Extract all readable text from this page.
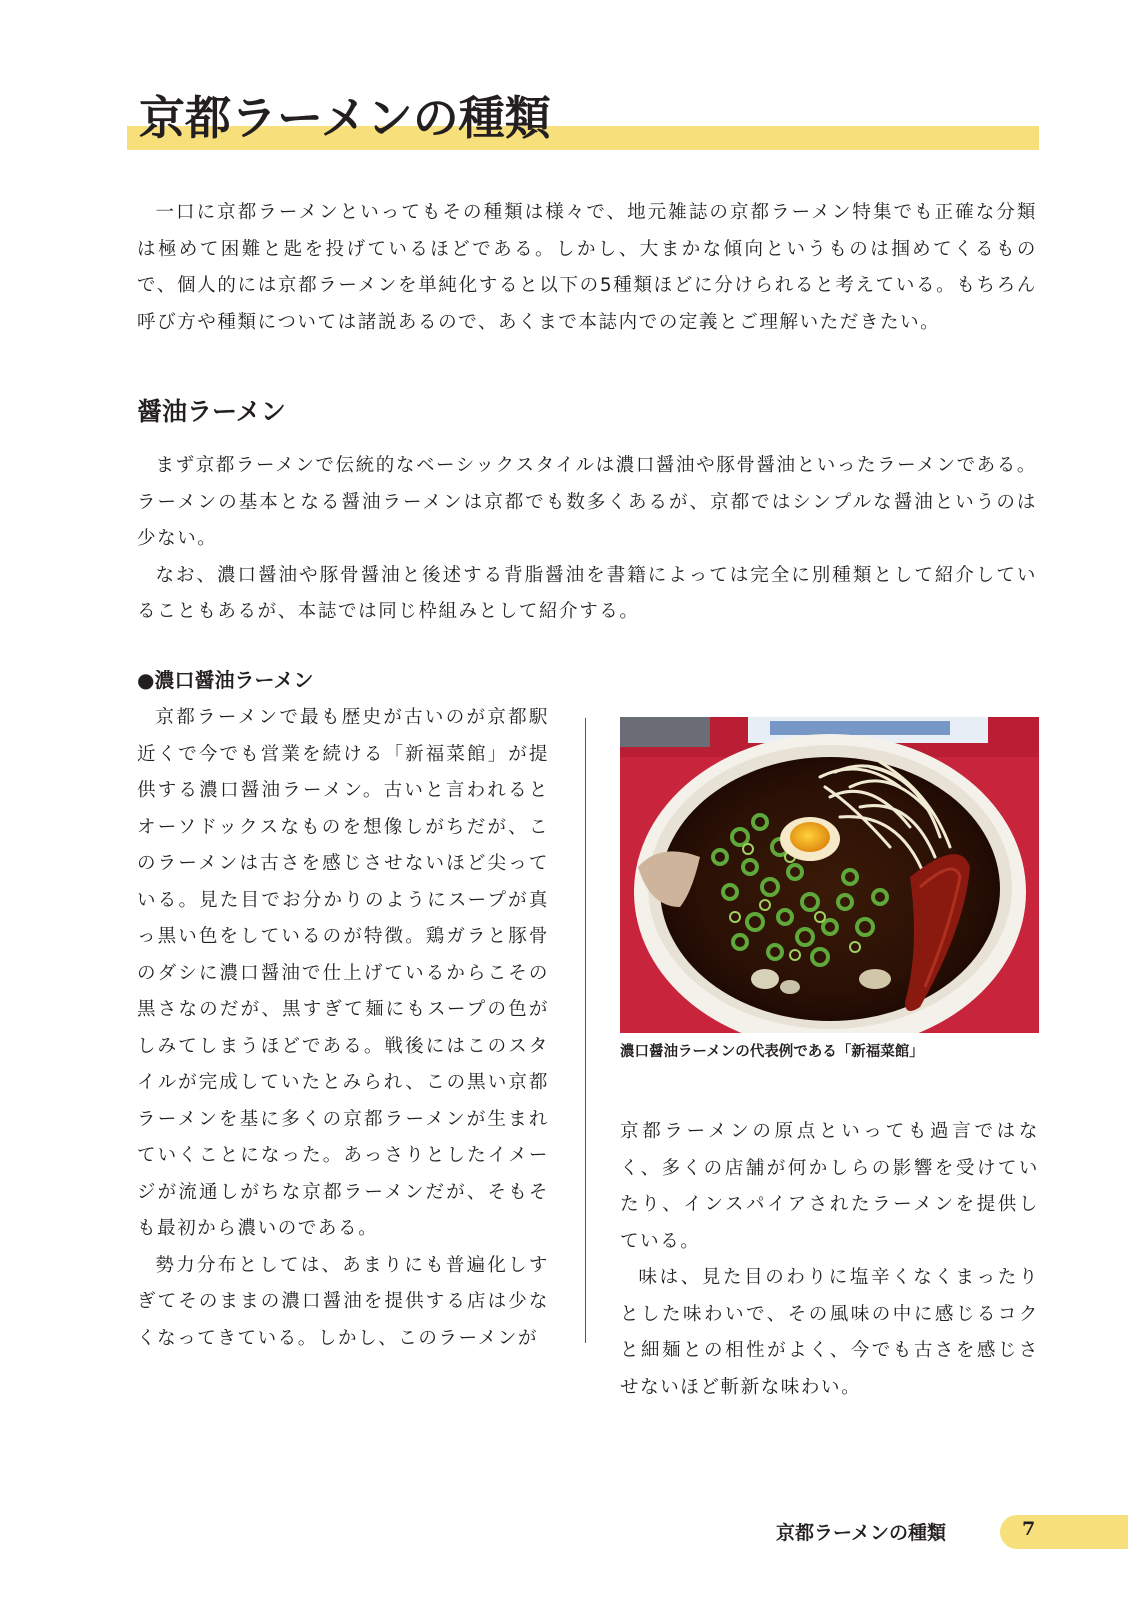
京都ラーメンの種類

一口に京都ラーメンといってもその種類は様々で、地元雑誌の京都ラーメン特集でも正確な分類は極めて困難と匙を投げているほどである。しかし、大まかな傾向というものは掴めてくるもので、個人的には京都ラーメンを単純化すると以下の5種類ほどに分けられると考えている。もちろん呼び方や種類については諸説あるので、あくまで本誌内での定義とご理解いただきたい。

醤油ラーメン

まず京都ラーメンで伝統的なベーシックスタイルは濃口醤油や豚骨醤油といったラーメンである。ラーメンの基本となる醤油ラーメンは京都でも数多くあるが、京都ではシンプルな醤油というのは少ない。

なお、濃口醤油や豚骨醤油と後述する背脂醤油を書籍によっては完全に別種類として紹介していることもあるが、本誌では同じ枠組みとして紹介する。

●濃口醤油ラーメン

京都ラーメンで最も歴史が古いのが京都駅近くで今でも営業を続ける「新福菜館」が提供する濃口醤油ラーメン。古いと言われるとオーソドックスなものを想像しがちだが、このラーメンは古さを感じさせないほど尖っている。見た目でお分かりのようにスープが真っ黒い色をしているのが特徴。鶏ガラと豚骨のダシに濃口醤油で仕上げているからこその黒さなのだが、黒すぎて麺にもスープの色がしみてしまうほどである。戦後にはこのスタイルが完成していたとみられ、この黒い京都ラーメンを基に多くの京都ラーメンが生まれていくことになった。あっさりとしたイメージが流通しがちな京都ラーメンだが、そもそも最初から濃いのである。

勢力分布としては、あまりにも普遍化しすぎてそのままの濃口醤油を提供する店は少なくなってきている。しかし、このラーメンが

濃口醤油ラーメンの代表例である「新福菜館」

京都ラーメンの原点といっても過言ではなく、多くの店舗が何かしらの影響を受けていたり、インスパイアされたラーメンを提供している。

味は、見た目のわりに塩辛くなくまったりとした味わいで、その風味の中に感じるコクと細麺との相性がよく、今でも古さを感じさせないほど斬新な味わい。

京都ラーメンの種類	7
